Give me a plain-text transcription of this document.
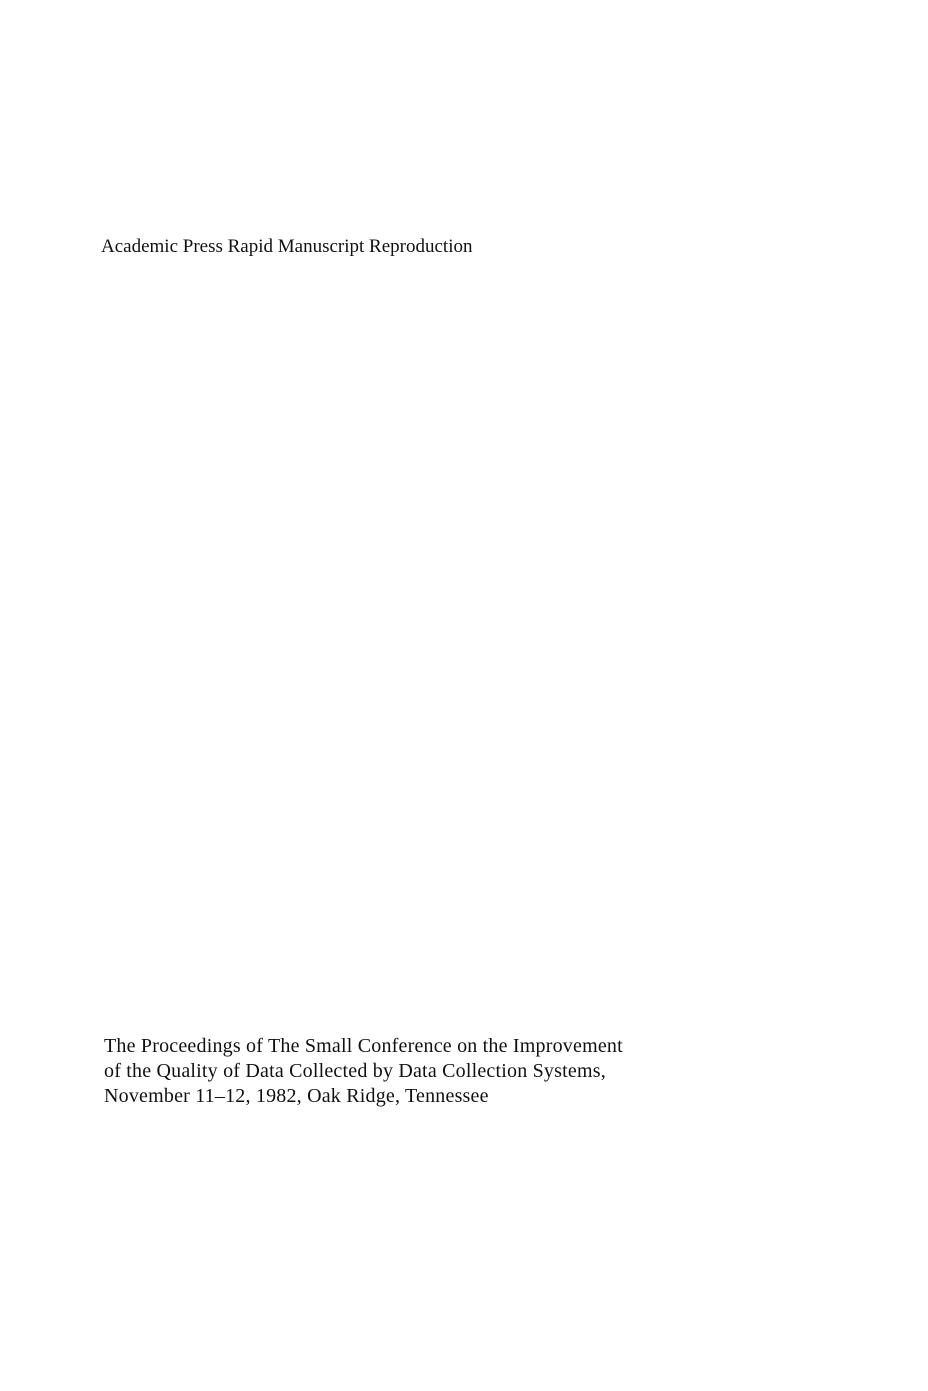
Academic Press Rapid Manuscript Reproduction
The Proceedings of The Small Conference on the Improvement
of the Quality of Data Collected by Data Collection Systems,
November 11–12, 1982, Oak Ridge, Tennessee
